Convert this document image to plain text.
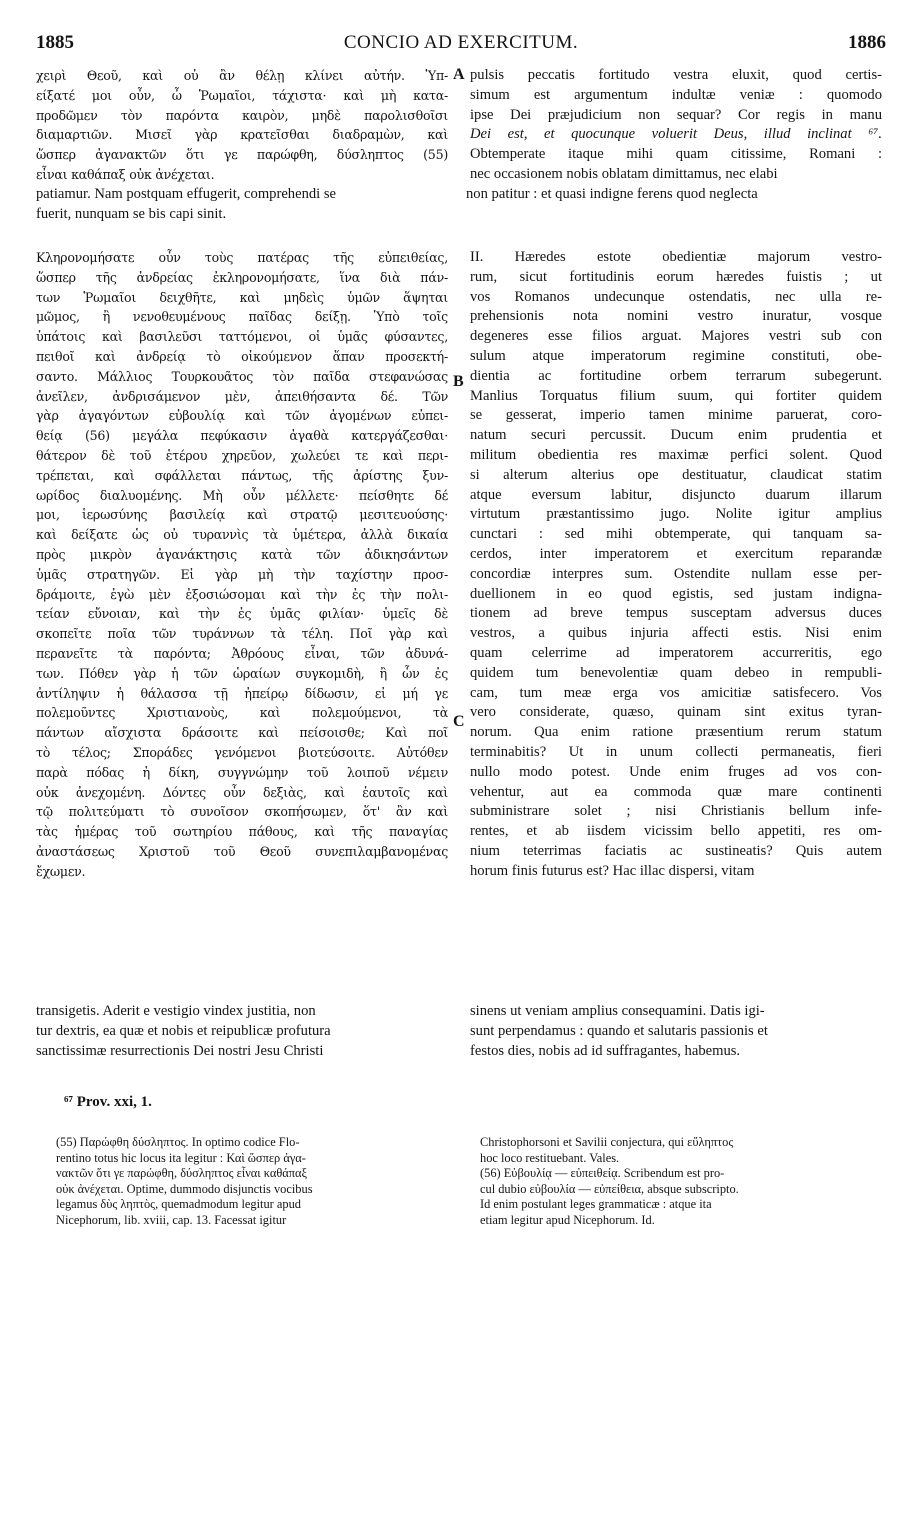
1885	CONCIO AD EXERCITUM.	1886
A
B
C
χειρὶ Θεοῦ, καὶ οὐ ἂν θέλῃ κλίνει αὐτήν. Ὑπ-
είξατέ μοι οὖν, ὦ Ῥωμαῖοι, τάχιστα· καὶ μὴ κατα-
προδῶμεν τὸν παρόντα καιρὸν, μηδὲ παρολισθοῖσι
διαμαρτιῶν. Μισεῖ γὰρ κρατεῖσθαι διαδραμὼν, καὶ
ὥσπερ ἀγανακτῶν ὅτι γε παρώφθη, δύσληπτος (55)
εἶναι καθάπαξ οὐκ ἀνέχεται.
pulsis peccatis fortitudo vestra eluxit, quod certis-
simum est argumentum indultæ veniæ : quomodo
ipse Dei præjudicium non sequar? Cor regis in manu
Dei est, et quocunque voluerit Deus, illud inclinat ⁶⁷.
Obtemperate itaque mihi quam citissime, Romani :
nec occasionem nobis oblatam dimittamus, nec elabi
patiamur. Nam postquam effugerit, comprehendi se	non patitur : et quasi indigne ferens quod neglecta
fuerit, nunquam se bis capi sinit.
Κληρονομήσατε οὖν τοὺς πατέρας τῆς εὐπειθείας,
ὥσπερ τῆς ἀνδρείας ἐκληρονομήσατε, ἵνα διὰ πάν-
των Ῥωμαῖοι δειχθῆτε, καὶ μηδεὶς ὑμῶν ἅψηται
μῶμος, ἢ νενοθευμένους παῖδας δείξῃ. Ὑπὸ τοῖς
ὑπάτοις καὶ βασιλεῦσι ταττόμενοι, οἱ ὑμᾶς φύσαντες,
πειθοῖ καὶ ἀνδρείᾳ τὸ οἰκούμενον ἅπαν προσεκτή-
σαντο. Μάλλιος Τουρκουᾶτος τὸν παῖδα στεφανώσας
ἀνεῖλεν, ἀνδρισάμενον μὲν, ἀπειθήσαντα δέ. Τῶν
γὰρ ἀγαγόντων εὐβουλίᾳ καὶ τῶν ἀγομένων εὐπει-
θείᾳ (56) μεγάλα πεφύκασιν ἀγαθὰ κατεργάζεσθαι·
θάτερον δὲ τοῦ ἑτέρου χηρεῦον, χωλεύει τε καὶ περι-
τρέπεται, καὶ σφάλλεται πάντως, τῆς ἀρίστης ξυν-
ωρίδος διαλυομένης. Μὴ οὖν μέλλετε· πείσθητε δέ
μοι, ἱερωσύνης βασιλείᾳ καὶ στρατῷ μεσιτευούσης·
καὶ δείξατε ὡς οὐ τυραννὶς τὰ ὑμέτερα, ἀλλὰ δικαία
πρὸς μικρὸν ἀγανάκτησις κατὰ τῶν ἀδικησάντων
ὑμᾶς στρατηγῶν. Εἰ γὰρ μὴ τὴν ταχίστην προσ-
δράμοιτε, ἐγὼ μὲν ἐξοσιώσομαι καὶ τὴν ἐς τὴν πολι-
τείαν εὔνοιαν, καὶ τὴν ἐς ὑμᾶς φιλίαν· ὑμεῖς δὲ
σκοπεῖτε ποῖα τῶν τυράννων τὰ τέλη. Ποῖ γὰρ καὶ
περανεῖτε τὰ παρόντα; Ἀθρόους εἶναι, τῶν ἀδυνά-
των. Πόθεν γὰρ ἡ τῶν ὡραίων συγκομιδὴ, ἢ ὧν ἐς
ἀντίληψιν ἡ θάλασσα τῇ ἠπείρῳ δίδωσιν, εἰ μή γε
πολεμοῦντες Χριστιανοὺς, καὶ πολεμούμενοι, τὰ
πάντων αἴσχιστα δράσοιτε καὶ πείσοισθε; Καὶ ποῖ
τὸ τέλος; Σποράδες γενόμενοι βιοτεύσοιτε. Αὐτόθεν
παρὰ πόδας ἡ δίκη, συγγνώμην τοῦ λοιποῦ νέμειν
οὐκ ἀνεχομένη. Δόντες οὖν δεξιὰς, καὶ ἑαυτοῖς καὶ
τῷ πολιτεύματι τὸ συνοῖσον σκοπήσωμεν, ὅτ' ἂν καὶ
τὰς ἡμέρας τοῦ σωτηρίου πάθους, καὶ τῆς παναγίας
ἀναστάσεως Χριστοῦ τοῦ Θεοῦ συνεπιλαμβανομένας
ἔχωμεν.
II. Hæredes estote obedientiæ majorum vestro-
rum, sicut fortitudinis eorum hæredes fuistis ; ut
vos Romanos undecunque ostendatis, nec ulla re-
prehensionis nota nomini vestro inuratur, vosque
degeneres esse filios arguat. Majores vestri sub con
sulum atque imperatorum regimine constituti, obe-
dientia ac fortitudine orbem terrarum subegerunt.
Manlius Torquatus filium suum, qui fortiter quidem
se gesserat, imperio tamen minime paruerat, coro-
natum securi percussit. Ducum enim prudentia et
militum obedientia res maximæ perfici solent. Quod
si alterum alterius ope destituatur, claudicat statim
atque eversum labitur, disjuncto duarum illarum
virtutum præstantissimo jugo. Nolite igitur amplius
cunctari : sed mihi obtemperate, qui tanquam sa-
cerdos, inter imperatorem et exercitum reparandæ
concordiæ interpres sum. Ostendite nullam esse per-
duellionem in eo quod egistis, sed justam indigna-
tionem ad breve tempus susceptam adversus duces
vestros, a quibus injuria affecti estis. Nisi enim
quam celerrime ad imperatorem accurreritis, ego
quidem tum benevolentiæ quam debeo in rempubli-
cam, tum meæ erga vos amicitiæ satisfecero. Vos
vero considerate, quæso, quinam sint exitus tyran-
norum. Qua enim ratione præsentium rerum statum
terminabitis? Ut in unum collecti permaneatis, fieri
nullo modo potest. Unde enim fruges ad vos con-
vehentur, aut ea commoda quæ mare continenti
subministrare solet ; nisi Christianis bellum infe-
rentes, et ab iisdem vicissim bello appetiti, res om-
nium teterrimas faciatis ac sustineatis? Quis autem
horum finis futurus est? Hac illac dispersi, vitam
transigetis. Aderit e vestigio vindex justitia, non	sinens ut veniam amplius consequamini. Datis igi-
tur dextris, ea quæ et nobis et reipublicæ profutura	sunt perpendamus : quando et salutaris passionis et
sanctissimæ resurrectionis Dei nostri Jesu Christi	festos dies, nobis ad id suffragantes, habemus.
⁶⁷ Prov. xxi, 1.
(55) Παρώφθη δύσληπτος. In optimo codice Flo-
rentino totus hic locus ita legitur : Καὶ ὥσπερ ἀγα-
νακτῶν ὅτι γε παρώφθη, δύσληπτος εἶναι καθάπαξ
οὐκ ἀνέχεται. Optime, dummodo disjunctis vocibus
legamus δὺς ληπτὸς, quemadmodum legitur apud
Nicephorum, lib. xviii, cap. 13. Facessat igitur
Christophorsoni et Savilii conjectura, qui εὔληπτος
hoc loco restituebant. Vales.
(56) Εὐβουλίᾳ — εὐπειθείᾳ. Scribendum est pro-
cul dubio εὐβουλία — εὐπείθεια, absque subscripto.
Id enim postulant leges grammaticæ : atque ita
etiam legitur apud Nicephorum. Id.
